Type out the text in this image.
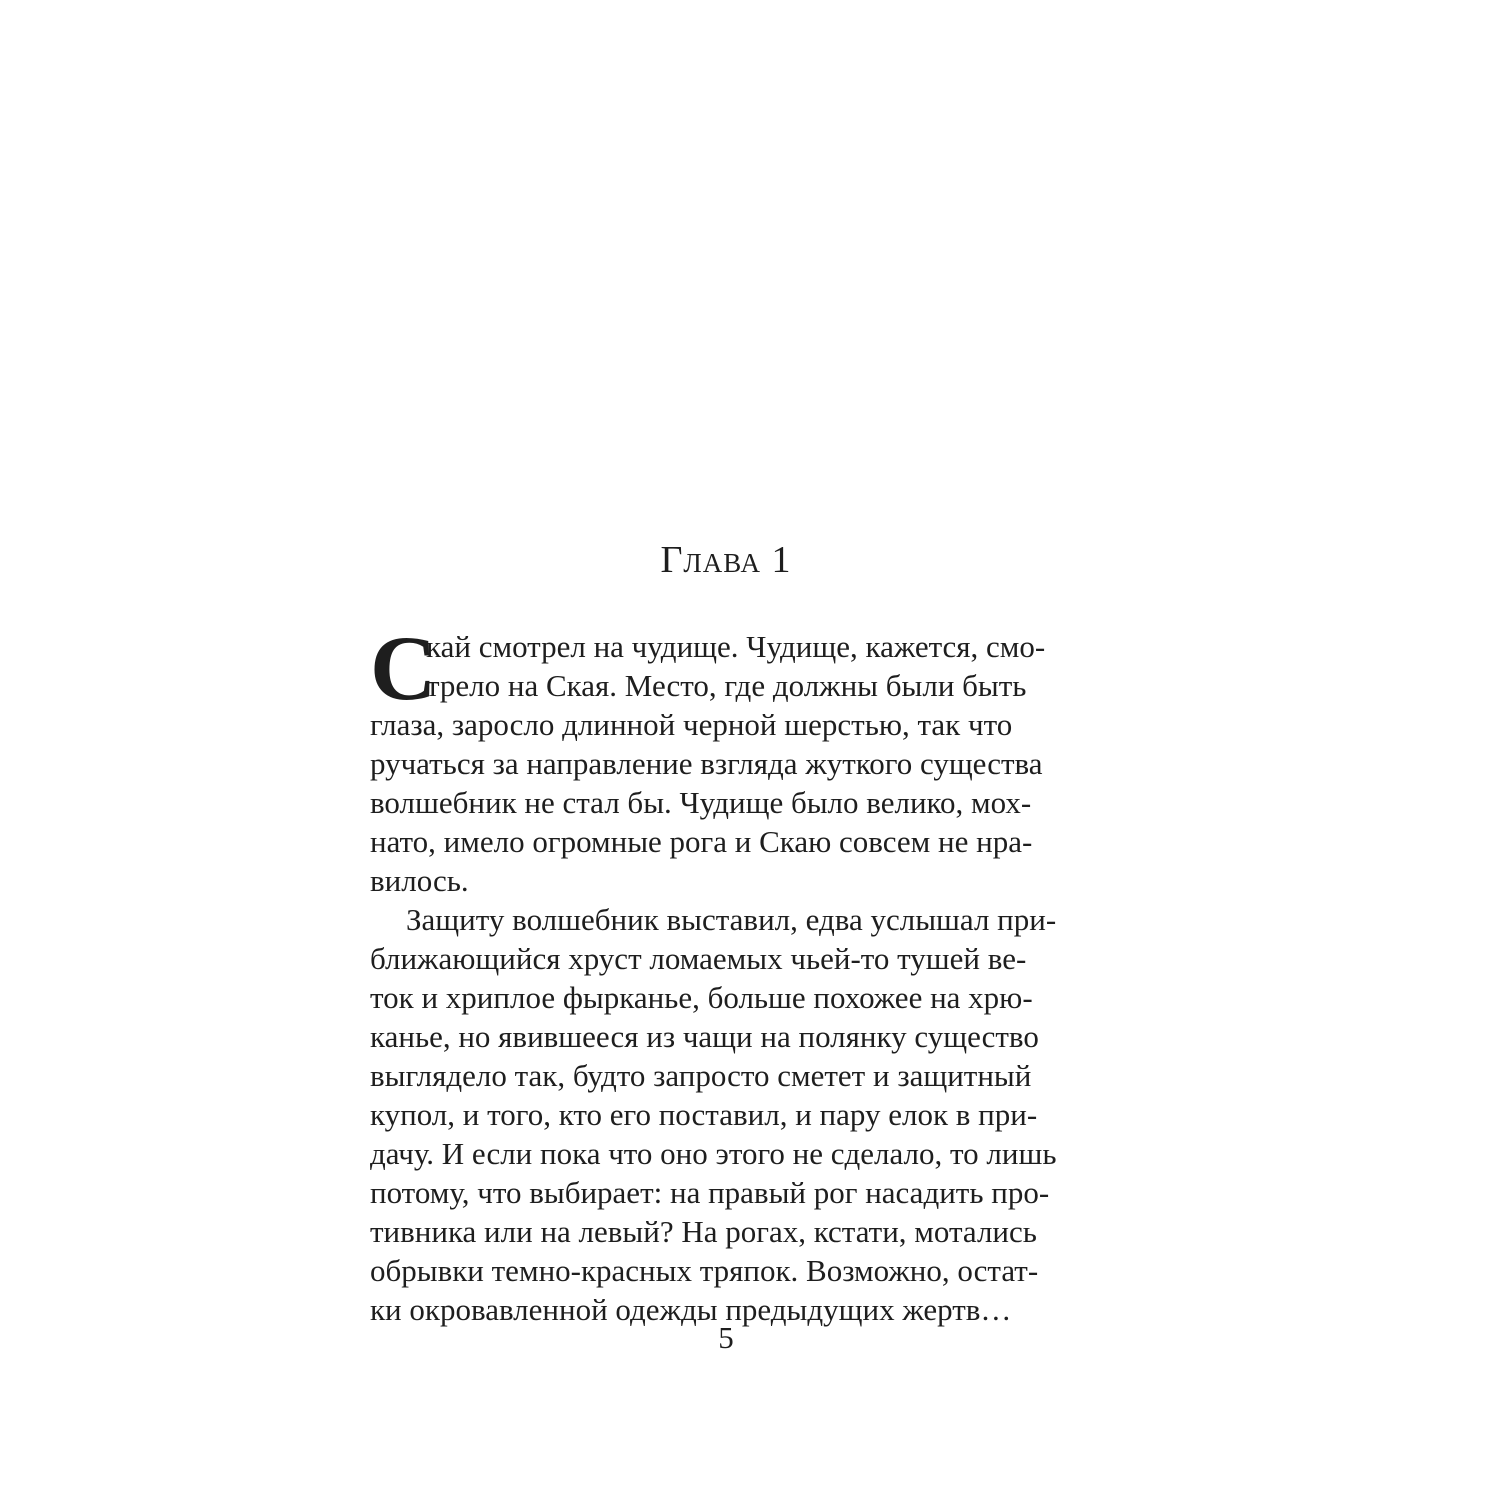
Глава 1
С
кай смотрел на чудище. Чудище, кажется, смо-
трело на Ская. Место, где должны были быть
глаза, заросло длинной черной шерстью, так что
ручаться за направление взгляда жуткого существа
волшебник не стал бы. Чудище было велико, мох-
нато, имело огромные рога и Скаю совсем не нра-
вилось.
Защиту волшебник выставил, едва услышал при-
ближающийся хруст ломаемых чьей-то тушей ве-
ток и хриплое фырканье, больше похожее на хрю-
канье, но явившееся из чащи на полянку существо
выглядело так, будто запросто сметет и защитный
купол, и того, кто его поставил, и пару елок в при-
дачу. И если пока что оно этого не сделало, то лишь
потому, что выбирает: на правый рог насадить про-
тивника или на левый? На рогах, кстати, мотались
обрывки темно-красных тряпок. Возможно, остат-
ки окровавленной одежды предыдущих жертв…
5
